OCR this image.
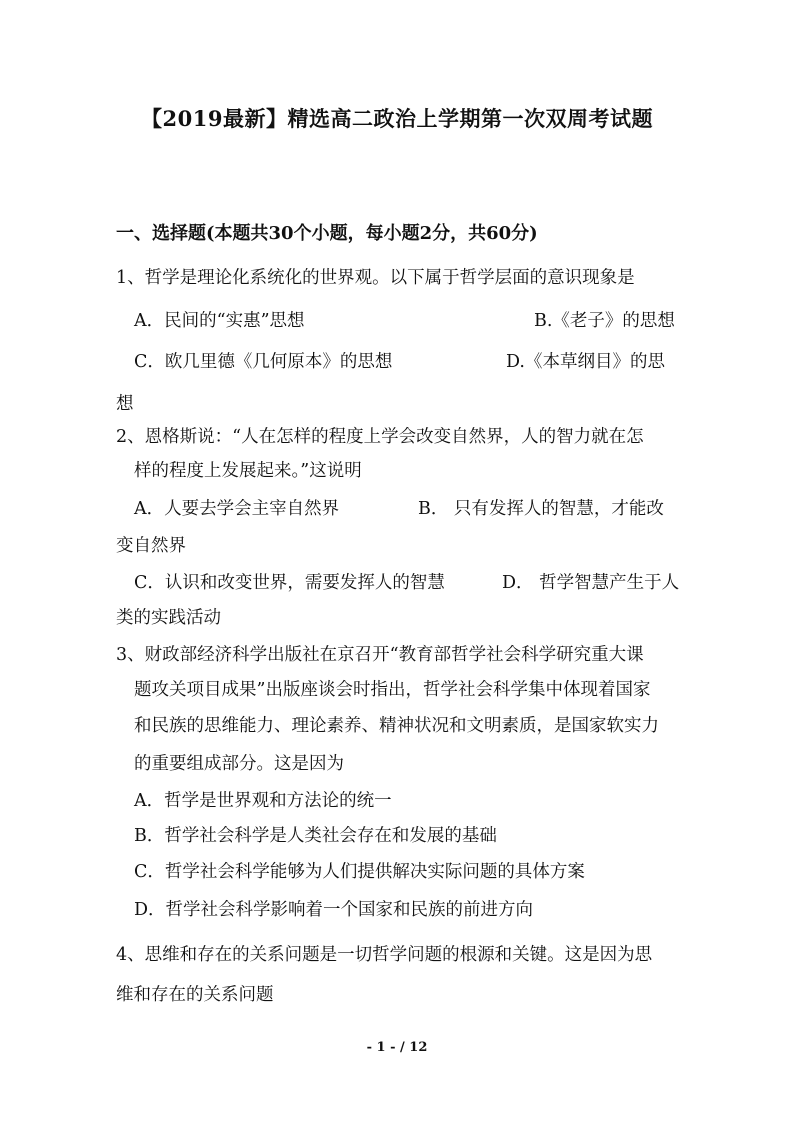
【2019最新】精选高二政治上学期第一次双周考试题
一、选择题(本题共30个小题，每小题2分，共60分)
1、哲学是理论化系统化的世界观。以下属于哲学层面的意识现象是
A．民间的“实惠”思想	B.《老子》的思想
C．欧几里德《几何原本》的思想	D.《本草纲目》的思
想
2、恩格斯说：“人在怎样的程度上学会改变自然界，人的智力就在怎
样的程度上发展起来。”这说明
A．人要去学会主宰自然界	B． 只有发挥人的智慧，才能改
变自然界
C．认识和改变世界，需要发挥人的智慧	D． 哲学智慧产生于人
类的实践活动
3、财政部经济科学出版社在京召开“教育部哲学社会科学研究重大课
题攻关项目成果”出版座谈会时指出，哲学社会科学集中体现着国家
和民族的思维能力、理论素养、精神状况和文明素质，是国家软实力
的重要组成部分。这是因为
A．哲学是世界观和方法论的统一
B．哲学社会科学是人类社会存在和发展的基础
C．哲学社会科学能够为人们提供解决实际问题的具体方案
D．哲学社会科学影响着一个国家和民族的前进方向
4、思维和存在的关系问题是一切哲学问题的根源和关键。这是因为思
维和存在的关系问题
- 1 - / 12
